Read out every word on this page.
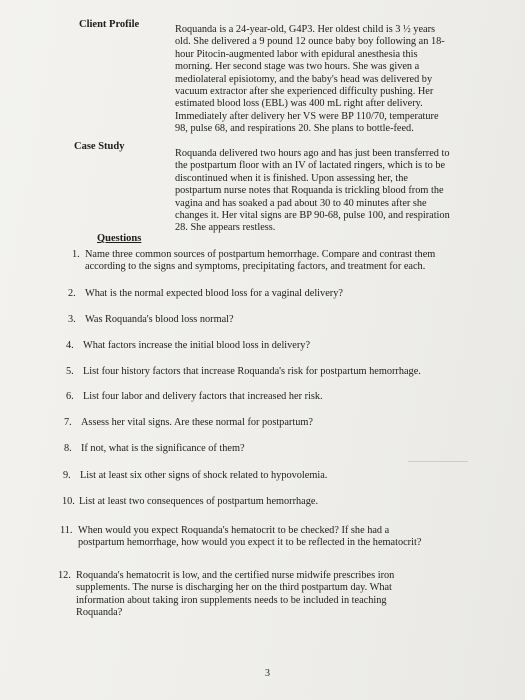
Client Profile	Roquanda is a 24-year-old, G4P3. Her oldest child is 3 ½ years
old. She delivered a 9 pound 12 ounce baby boy following an 18-
hour Pitocin-augmented labor with epidural anesthesia this
morning. Her second stage was two hours. She was given a
mediolateral episiotomy, and the baby's head was delivered by
vacuum extractor after she experienced difficulty pushing. Her
estimated blood loss (EBL) was 400 mL right after delivery.
Immediately after delivery her VS were BP 110/70, temperature
98, pulse 68, and respirations 20. She plans to bottle-feed.
Case Study
Roquanda delivered two hours ago and has just been transferred to
the postpartum floor with an IV of lactated ringers, which is to be
discontinued when it is finished. Upon assessing her, the
postpartum nurse notes that Roquanda is trickling blood from the
vagina and has soaked a pad about 30 to 40 minutes after she
changes it. Her vital signs are BP 90-68, pulse 100, and respiration
28. She appears restless.
Questions
1. Name three common sources of postpartum hemorrhage. Compare and contrast them
according to the signs and symptoms, precipitating factors, and treatment for each.
2. What is the normal expected blood loss for a vaginal delivery?
3. Was Roquanda's blood loss normal?
4. What factors increase the initial blood loss in delivery?
5. List four history factors that increase Roquanda's risk for postpartum hemorrhage.
6. List four labor and delivery factors that increased her risk.
7. Assess her vital signs. Are these normal for postpartum?
8. If not, what is the significance of them?
9. List at least six other signs of shock related to hypovolemia.
10. List at least two consequences of postpartum hemorrhage.
11. When would you expect Roquanda's hematocrit to be checked? If she had a
postpartum hemorrhage, how would you expect it to be reflected in the hematocrit?
12. Roquanda's hematocrit is low, and the certified nurse midwife prescribes iron
supplements. The nurse is discharging her on the third postpartum day. What
information about taking iron supplements needs to be included in teaching
Roquanda?
3
